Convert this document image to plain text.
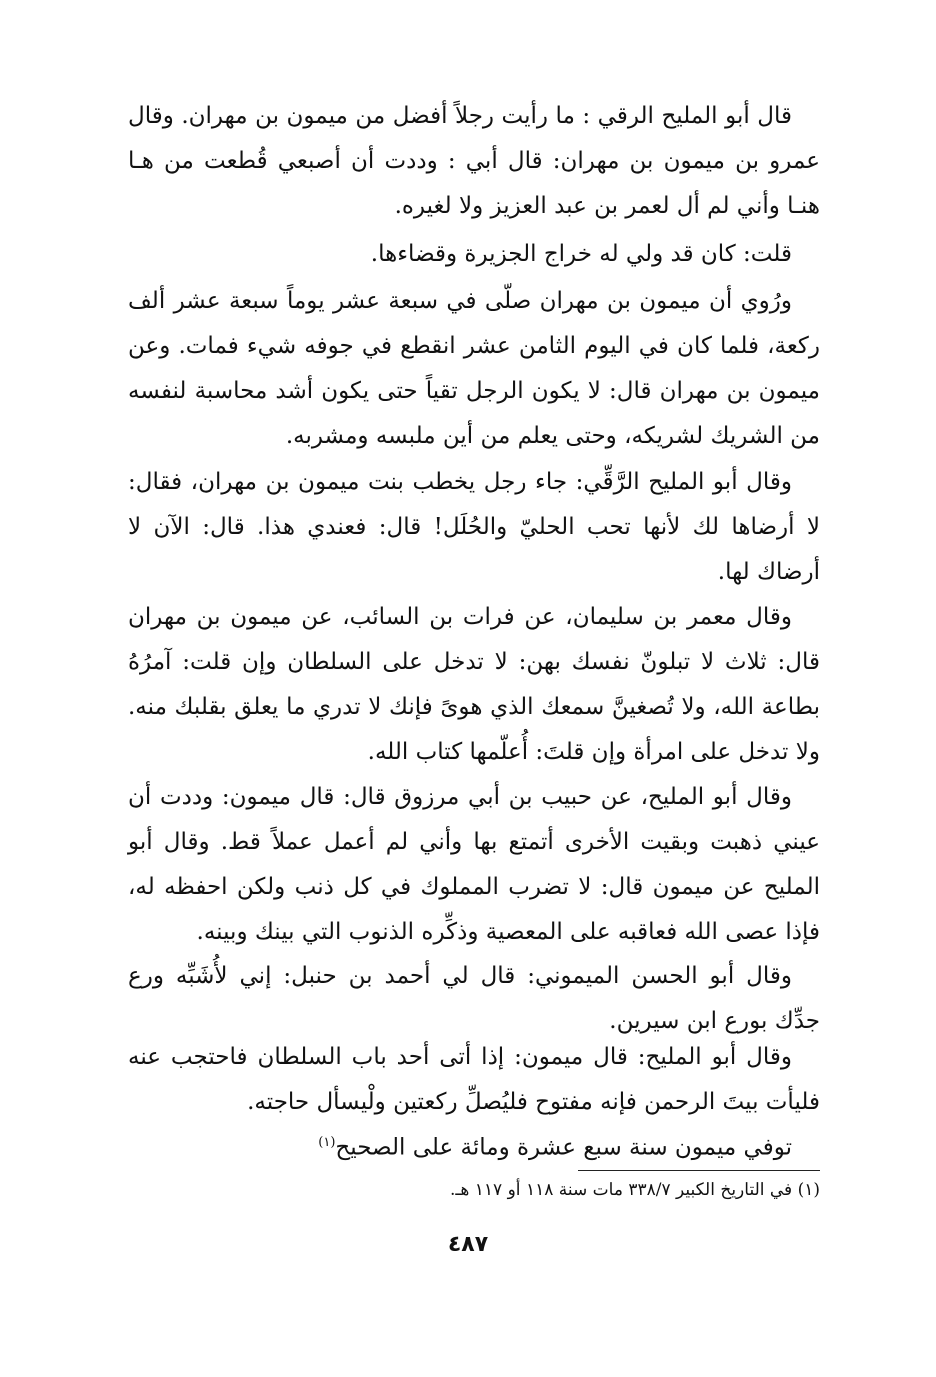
قال أبو المليح الرقي : ما رأيت رجلاً أفضل من ميمون بن مهران. وقال عمرو بن ميمون بن مهران: قال أبي : وددت أن أصبعي قُطعت من هـا هنـا وأني لم أل لعمر بن عبد العزيز ولا لغيره.

قلت: كان قد ولي له خراج الجزيرة وقضاءها.

ورُوي أن ميمون بن مهران صلّى في سبعة عشر يوماً سبعة عشر ألف ركعة، فلما كان في اليوم الثامن عشر انقطع في جوفه شيء فمات. وعن ميمون بن مهران قال: لا يكون الرجل تقياً حتى يكون أشد محاسبة لنفسه من الشريك لشريكه، وحتى يعلم من أين ملبسه ومشربه.

وقال أبو المليح الرَّقِّي: جاء رجل يخطب بنت ميمون بن مهران، فقال: لا أرضاها لك لأنها تحب الحليّ والحُلَل! قال: فعندي هذا. قال: الآن لا أرضاك لها.

وقال معمر بن سليمان، عن فرات بن السائب، عن ميمون بن مهران قال: ثلاث لا تبلونّ نفسك بهن: لا تدخل على السلطان وإن قلت: آمرُهُ بطاعة الله، ولا تُصغينَّ سمعك الذي هوىً فإنك لا تدري ما يعلق بقلبك منه. ولا تدخل على امرأة وإن قلتَ: أُعلّمها كتاب الله.

وقال أبو المليح، عن حبيب بن أبي مرزوق قال: قال ميمون: وددت أن عيني ذهبت وبقيت الأخرى أتمتع بها وأني لم أعمل عملاً قط. وقال أبو المليح عن ميمون قال: لا تضرب المملوك في كل ذنب ولكن احفظه له، فإذا عصى الله فعاقبه على المعصية وذكِّره الذنوب التي بينك وبينه.

وقال أبو الحسن الميموني: قال لي أحمد بن حنبل: إني لأُشَبِّه ورع جدِّك بورع ابن سيرين.

وقال أبو المليح: قال ميمون: إذا أتى أحد باب السلطان فاحتجب عنه فليأت بيتَ الرحمن فإنه مفتوح فليُصلِّ ركعتين ولْيسأل حاجته.

توفي ميمون سنة سبع عشرة ومائة على الصحيح$^{(١)}$

(١) في التاريخ الكبير ٣٣٨/٧ مات سنة ١١٨ أو ١١٧ هـ.
٤٨٧
